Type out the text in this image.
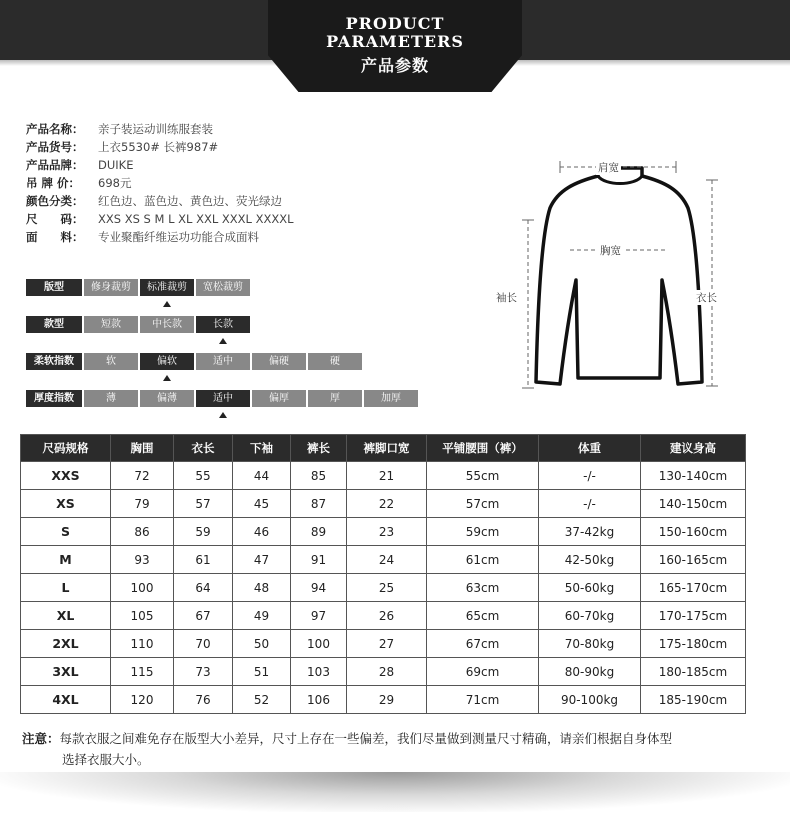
PRODUCT
PARAMETERS
产品参数
产品名称：	亲子装运动训练服套装
产品货号：	上衣5530# 长裤987#
产品品牌：	DUIKE
吊 牌 价：	698元
颜色分类：	红色边、蓝色边、黄色边、荧光绿边
尺　　码：	XXS XS S M L XL XXL XXXL XXXXL
面　　料：	专业聚酯纤维运功功能合成面料
版型	修身裁剪	标准裁剪	宽松裁剪
款型	短款	中长款	长款
柔软指数	软	偏软	适中	偏硬	硬
厚度指数	薄	偏薄	适中	偏厚	厚	加厚
肩宽
胸宽
袖长	衣长
尺码规格	胸围	衣长	下袖	裤长	裤脚口宽	平铺腰围（裤）	体重	建议身高
XXS	72	55	44	85	21	55cm	-/-	130-140cm
XS	79	57	45	87	22	57cm	-/-	140-150cm
S	86	59	46	89	23	59cm	37-42kg	150-160cm
M	93	61	47	91	24	61cm	42-50kg	160-165cm
L	100	64	48	94	25	63cm	50-60kg	165-170cm
XL	105	67	49	97	26	65cm	60-70kg	170-175cm
2XL	110	70	50	100	27	67cm	70-80kg	175-180cm
3XL	115	73	51	103	28	69cm	80-90kg	180-185cm
4XL	120	76	52	106	29	71cm	90-100kg	185-190cm
注意：每款衣服之间难免存在版型大小差异，尺寸上存在一些偏差，我们尽量做到测量尺寸精确，请亲们根据自身体型
选择衣服大小。
